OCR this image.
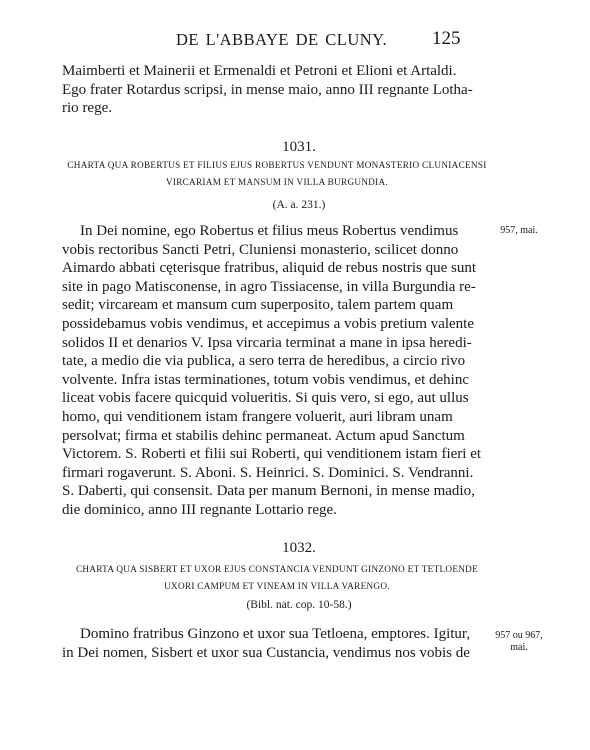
DE L'ABBAYE DE CLUNY. 125
Maimberti et Mainerii et Ermenaldi et Petroni et Elioni et Artaldi.
Ego frater Rotardus scripsi, in mense maio, anno III regnante Lotha-
rio rege.
1031.
CHARTA QUA ROBERTUS ET FILIUS EJUS ROBERTUS VENDUNT MONASTERIO CLUNIACENSI
VIRCARIAM ET MANSUM IN VILLA BURGUNDIA.
(A. a. 231.)
957, mai.
In Dei nomine, ego Robertus et filius meus Robertus vendimus
vobis rectoribus Sancti Petri, Cluniensi monasterio, scilicet donno
Aimardo abbati cęterisque fratribus, aliquid de rebus nostris que sunt
site in pago Matisconense, in agro Tissiacense, in villa Burgundia re-
sedit; vircaream et mansum cum superposito, talem partem quam
possidebamus vobis vendimus, et accepimus a vobis pretium valente
solidos II et denarios V. Ipsa vircaria terminat a mane in ipsa heredi-
tate, a medio die via publica, a sero terra de heredibus, a circio rivo
volvente. Infra istas terminationes, totum vobis vendimus, et dehinc
liceat vobis facere quicquid volueritis. Si quis vero, si ego, aut ullus
homo, qui venditionem istam frangere voluerit, auri libram unam
persolvat; firma et stabilis dehinc permaneat. Actum apud Sanctum
Victorem. S. Roberti et filii sui Roberti, qui venditionem istam fieri et
firmari rogaverunt. S. Aboni. S. Heinrici. S. Dominici. S. Vendranni.
S. Daberti, qui consensit. Data per manum Bernoni, in mense madio,
die dominico, anno III regnante Lottario rege.
1032.
CHARTA QUA SISBERT ET UXOR EJUS CONSTANCIA VENDUNT GINZONO ET TETLOENDE
UXORI CAMPUM ET VINEAM IN VILLA VARENGO.
(Bibl. nat. cop. 10-58.)
957 ou 967,
mai.
Domino fratribus Ginzono et uxor sua Tetloena, emptores. Igitur,
in Dei nomen, Sisbert et uxor sua Custancia, vendimus nos vobis de
